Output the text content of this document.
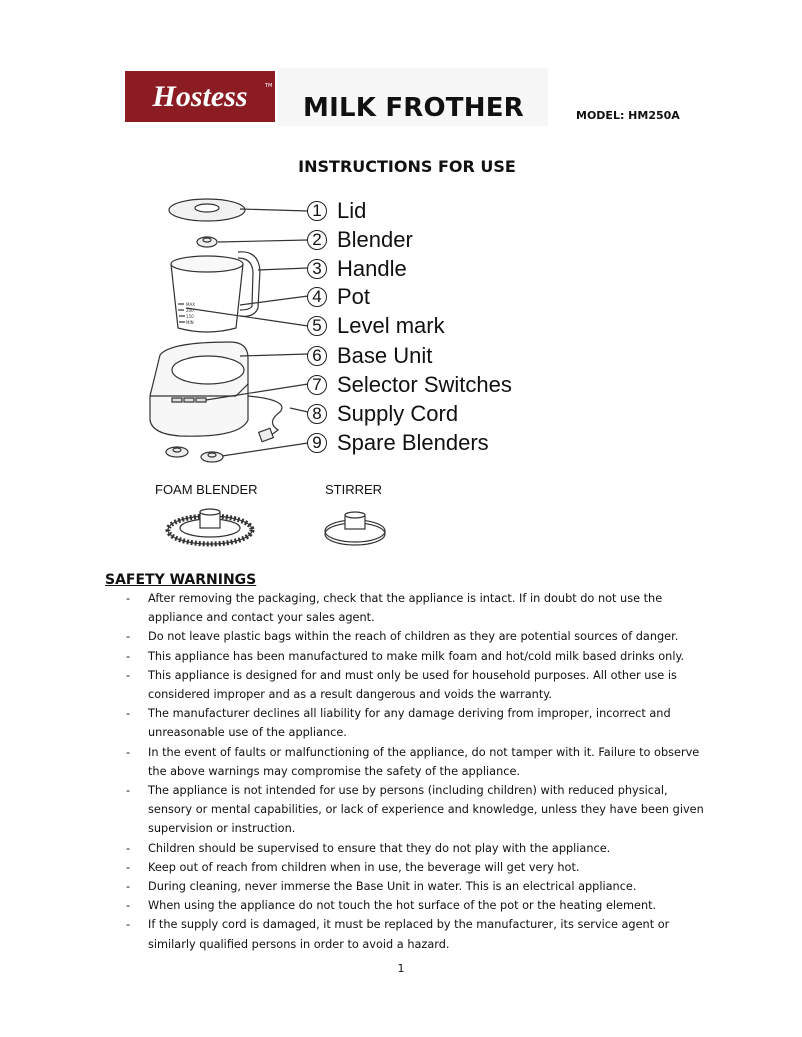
Hostess	TM
MILK FROTHER	MODEL: HM250A
INSTRUCTIONS FOR USE
MAX
200
150
MIN
1 Lid
2 Blender
3 Handle
4 Pot
5 Level mark
6 Base Unit
7 Selector Switches
8 Supply Cord
9 Spare Blenders
FOAM BLENDER	STIRRER
SAFETY WARNINGS
- After removing the packaging, check that the appliance is intact. If in doubt do not use the appliance and contact your sales agent.
- Do not leave plastic bags within the reach of children as they are potential sources of danger.
- This appliance has been manufactured to make milk foam and hot/cold milk based drinks only.
- This appliance is designed for and must only be used for household purposes. All other use is considered improper and as a result dangerous and voids the warranty.
- The manufacturer declines all liability for any damage deriving from improper, incorrect and unreasonable use of the appliance.
- In the event of faults or malfunctioning of the appliance, do not tamper with it. Failure to observe the above warnings may compromise the safety of the appliance.
- The appliance is not intended for use by persons (including children) with reduced physical, sensory or mental capabilities, or lack of experience and knowledge, unless they have been given supervision or instruction.
- Children should be supervised to ensure that they do not play with the appliance.
- Keep out of reach from children when in use, the beverage will get very hot.
- During cleaning, never immerse the Base Unit in water. This is an electrical appliance.
- When using the appliance do not touch the hot surface of the pot or the heating element.
- If the supply cord is damaged, it must be replaced by the manufacturer, its service agent or similarly qualified persons in order to avoid a hazard.
1
